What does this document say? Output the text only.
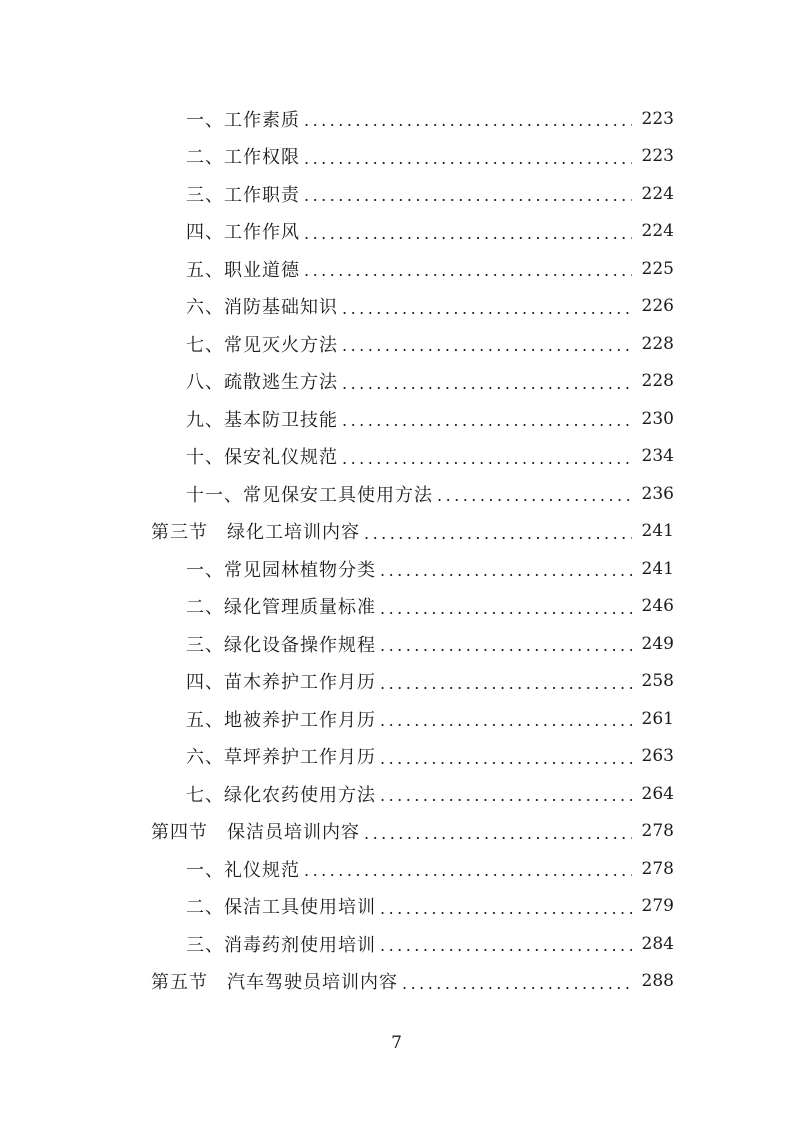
一、工作素质 . . .	223
二、工作权限 . . .	223
三、工作职责 . . .	224
四、工作作风 . . .	224
五、职业道德 . . .	225
六、消防基础知识 . . .	226
七、常见灭火方法 . . .	228
八、疏散逃生方法 . . .	228
九、基本防卫技能 . . .	230
十、保安礼仪规范 . . .	234
十一、常见保安工具使用方法 . . .	236
第三节　绿化工培训内容 . . .	241
一、常见园林植物分类 . . .	241
二、绿化管理质量标准 . . .	246
三、绿化设备操作规程 . . .	249
四、苗木养护工作月历 . . .	258
五、地被养护工作月历 . . .	261
六、草坪养护工作月历 . . .	263
七、绿化农药使用方法 . . .	264
第四节　保洁员培训内容 . . .	278
一、礼仪规范 . . .	278
二、保洁工具使用培训 . . .	279
三、消毒药剂使用培训 . . .	284
第五节　汽车驾驶员培训内容 . . .	288
7
